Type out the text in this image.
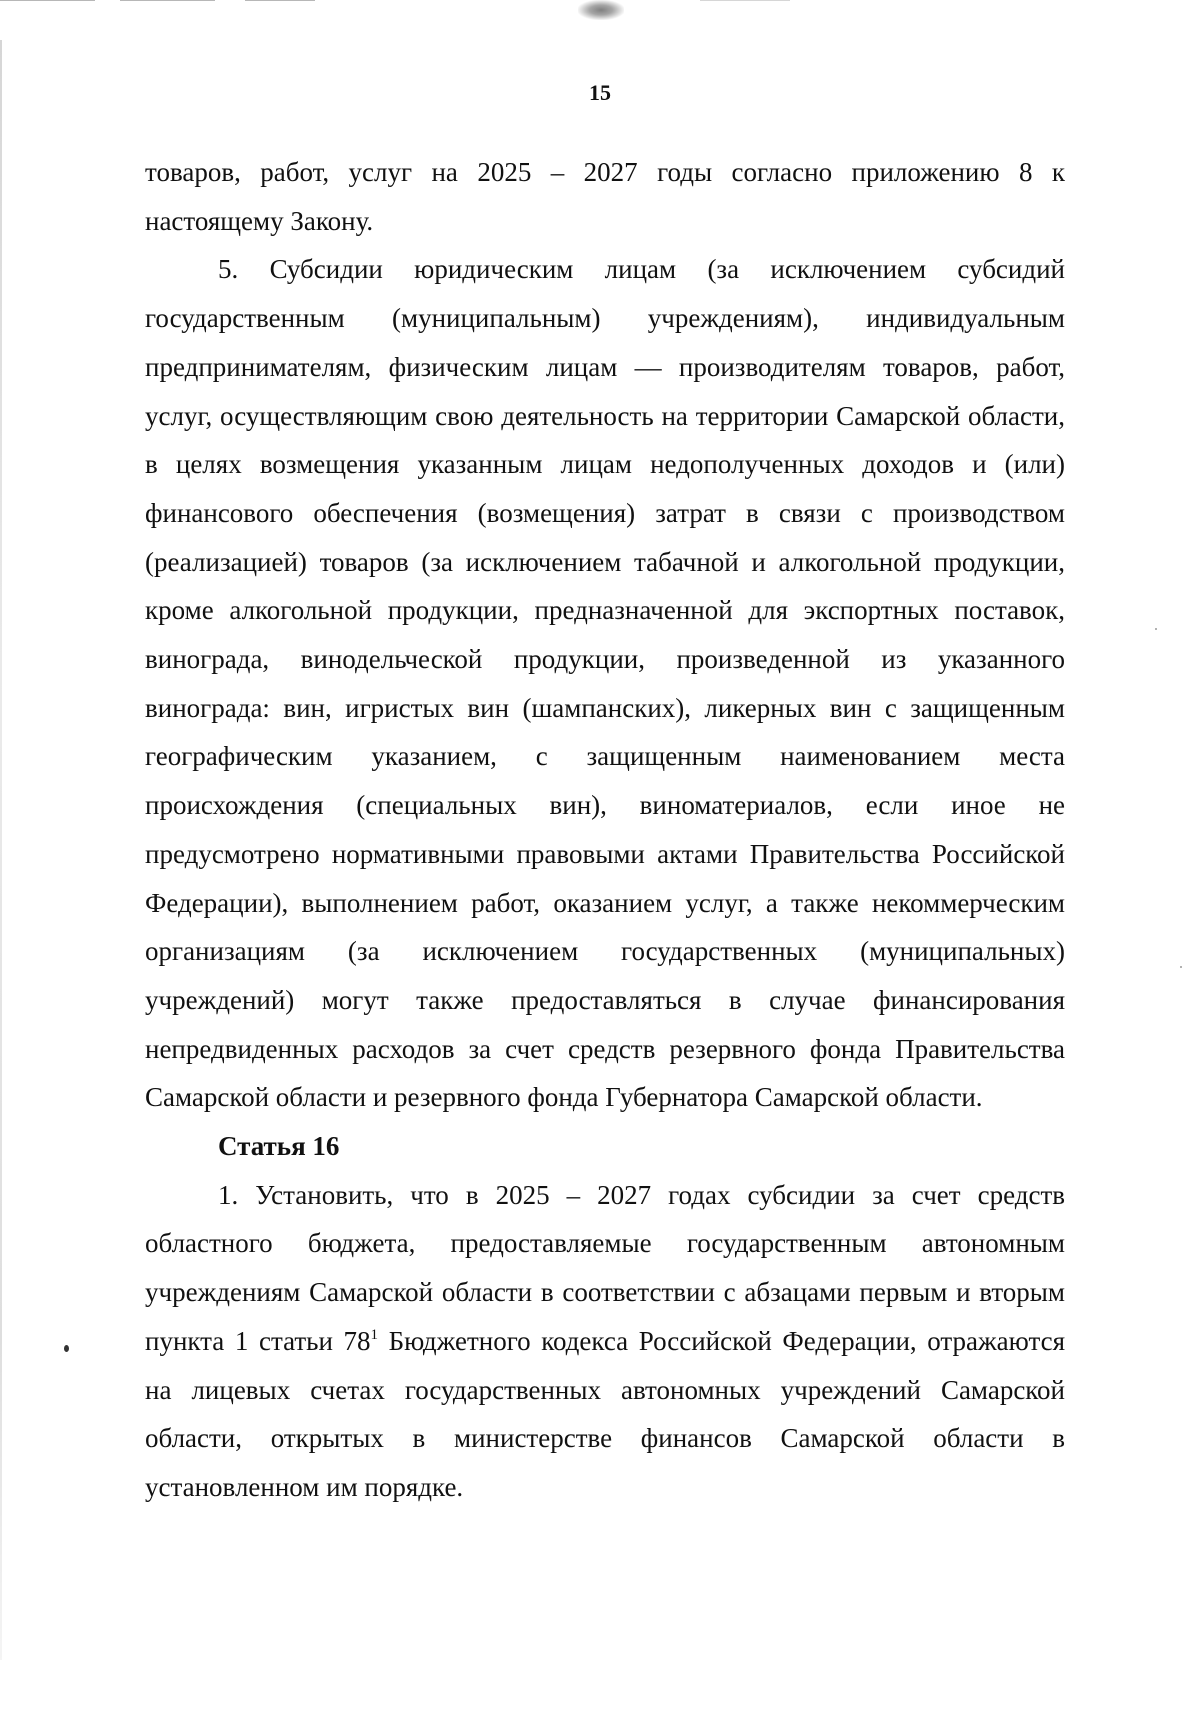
15

товаров, работ, услуг на 2025 – 2027 годы согласно приложению 8 к настоящему Закону.

5. Субсидии юридическим лицам (за исключением субсидий государственным (муниципальным) учреждениям), индивидуальным предпринимателям, физическим лицам — производителям товаров, работ, услуг, осуществляющим свою деятельность на территории Самарской области, в целях возмещения указанным лицам недополученных доходов и (или) финансового обеспечения (возмещения) затрат в связи с производством (реализацией) товаров (за исключением табачной и алкогольной продукции, кроме алкогольной продукции, предназначенной для экспортных поставок, винограда, винодельческой продукции, произведенной из указанного винограда: вин, игристых вин (шампанских), ликерных вин с защищенным географическим указанием, с защищенным наименованием места происхождения (специальных вин), виноматериалов, если иное не предусмотрено нормативными правовыми актами Правительства Российской Федерации), выполнением работ, оказанием услуг, а также некоммерческим организациям (за исключением государственных (муниципальных) учреждений) могут также предоставляться в случае финансирования непредвиденных расходов за счет средств резервного фонда Правительства Самарской области и резервного фонда Губернатора Самарской области.

Статья 16

1. Установить, что в 2025 – 2027 годах субсидии за счет средств областного бюджета, предоставляемые государственным автономным учреждениям Самарской области в соответствии с абзацами первым и вторым пункта 1 статьи $78^1$ Бюджетного кодекса Российской Федерации, отражаются на лицевых счетах государственных автономных учреждений Самарской области, открытых в министерстве финансов Самарской области в установленном им порядке.
